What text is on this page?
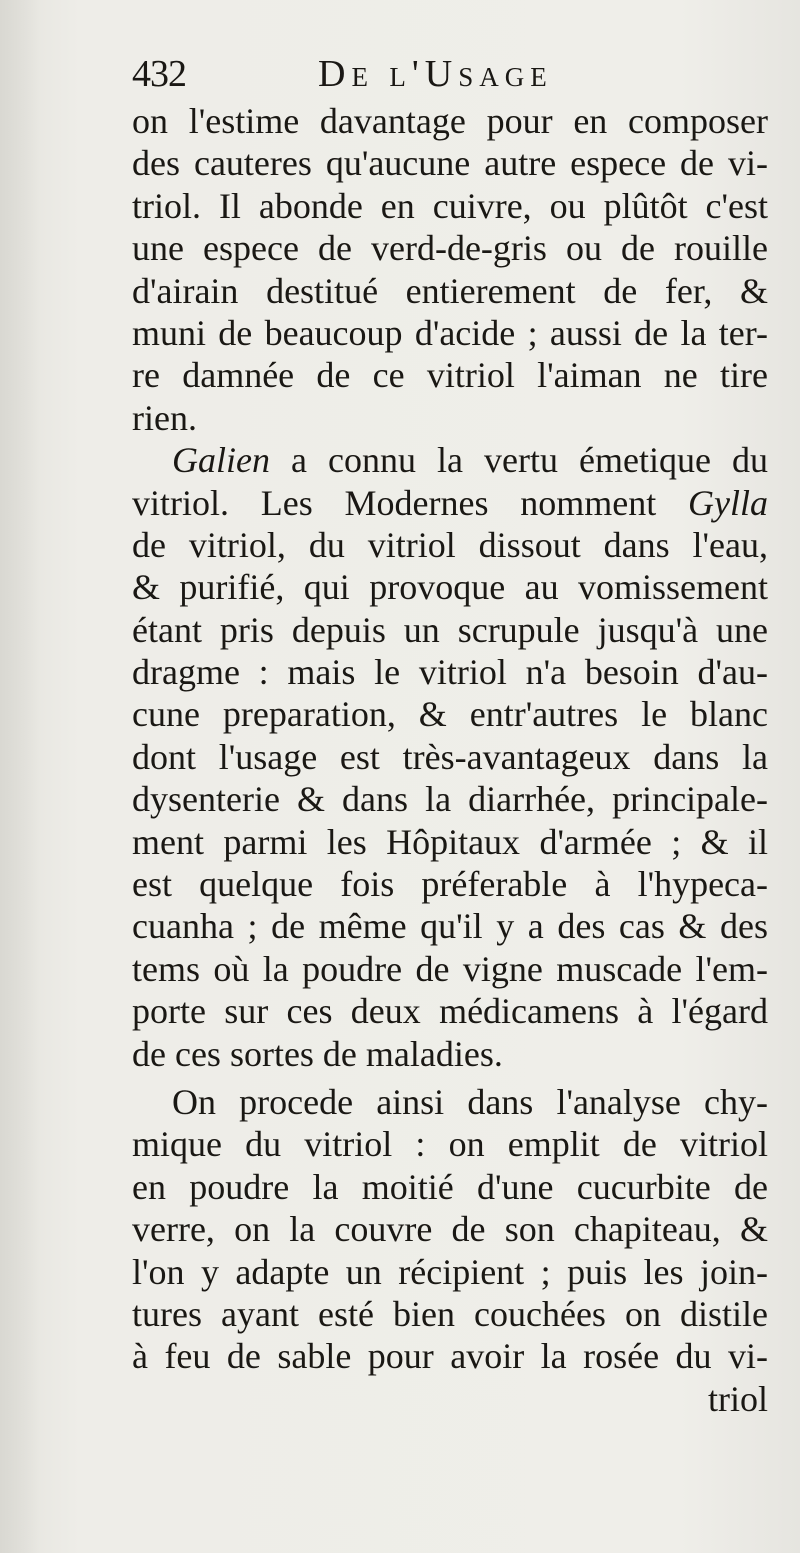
432	De l'Usage
on l'estime davantage pour en composer
des cauteres qu'aucune autre espece de vi-
triol. Il abonde en cuivre, ou plûtôt c'est
une espece de verd-de-gris ou de rouille
d'airain destitué entierement de fer, &
muni de beaucoup d'acide ; aussi de la ter-
re damnée de ce vitriol l'aiman ne tire
rien.
Galien a connu la vertu émetique du
vitriol. Les Modernes nomment Gylla
de vitriol, du vitriol dissout dans l'eau,
& purifié, qui provoque au vomissement
étant pris depuis un scrupule jusqu'à une
dragme : mais le vitriol n'a besoin d'au-
cune preparation, & entr'autres le blanc
dont l'usage est très-avantageux dans la
dysenterie & dans la diarrhée, principale-
ment parmi les Hôpitaux d'armée ; & il
est quelque fois préferable à l'hypeca-
cuanha ; de même qu'il y a des cas & des
tems où la poudre de vigne muscade l'em-
porte sur ces deux médicamens à l'égard
de ces sortes de maladies.
On procede ainsi dans l'analyse chy-
mique du vitriol : on emplit de vitriol
en poudre la moitié d'une cucurbite de
verre, on la couvre de son chapiteau, &
l'on y adapte un récipient ; puis les join-
tures ayant esté bien couchées on distile
à feu de sable pour avoir la rosée du vi-
triol
